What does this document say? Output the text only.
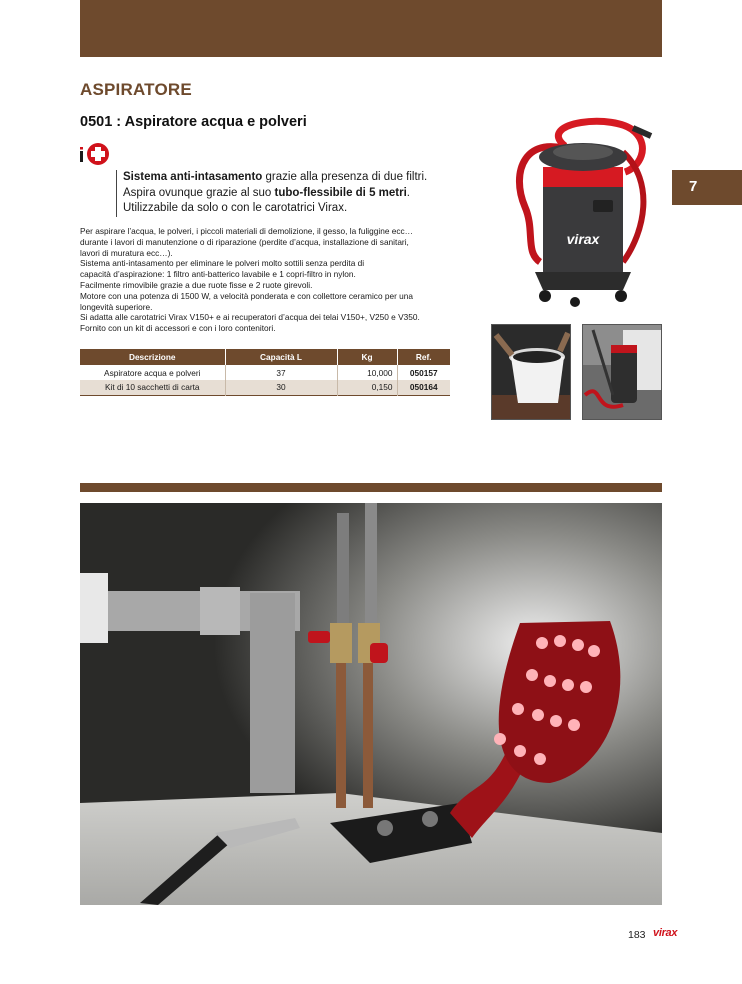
ASPIRATORE
0501 : Aspiratore acqua e polveri
Sistema anti-intasamento grazie alla presenza di due filtri.
Aspira ovunque grazie al suo tubo-flessibile di 5 metri.
Utilizzabile da solo o con le carotatrici Virax.

Per aspirare l’acqua, le polveri, i piccoli materiali di demolizione, il gesso, la fuliggine ecc…

durante i lavori di manutenzione o di riparazione (perdite d’acqua, installazione di sanitari,

lavori di muratura ecc…).

Sistema anti-intasamento per eliminare le polveri molto sottili senza perdita di

capacità d’aspirazione: 1 filtro anti-batterico lavabile e 1 copri-filtro in nylon.

Facilmente rimovibile grazie a due ruote fisse e 2 ruote girevoli.

Motore con una potenza di 1500 W, a velocità ponderata e con collettore ceramico per una

longevità superiore.

Si adatta alle carotatrici Virax V150+ e ai recuperatori d’acqua dei telai V150+, V250 e V350.

Fornito con un kit di accessori e con i loro contenitori.

Descrizione	Capacità L	Kg	Ref.
Aspiratore acqua e polveri	37	10,000	050157
Kit di 10 sacchetti di carta	30	0,150	050164
7
virax
183 virax
